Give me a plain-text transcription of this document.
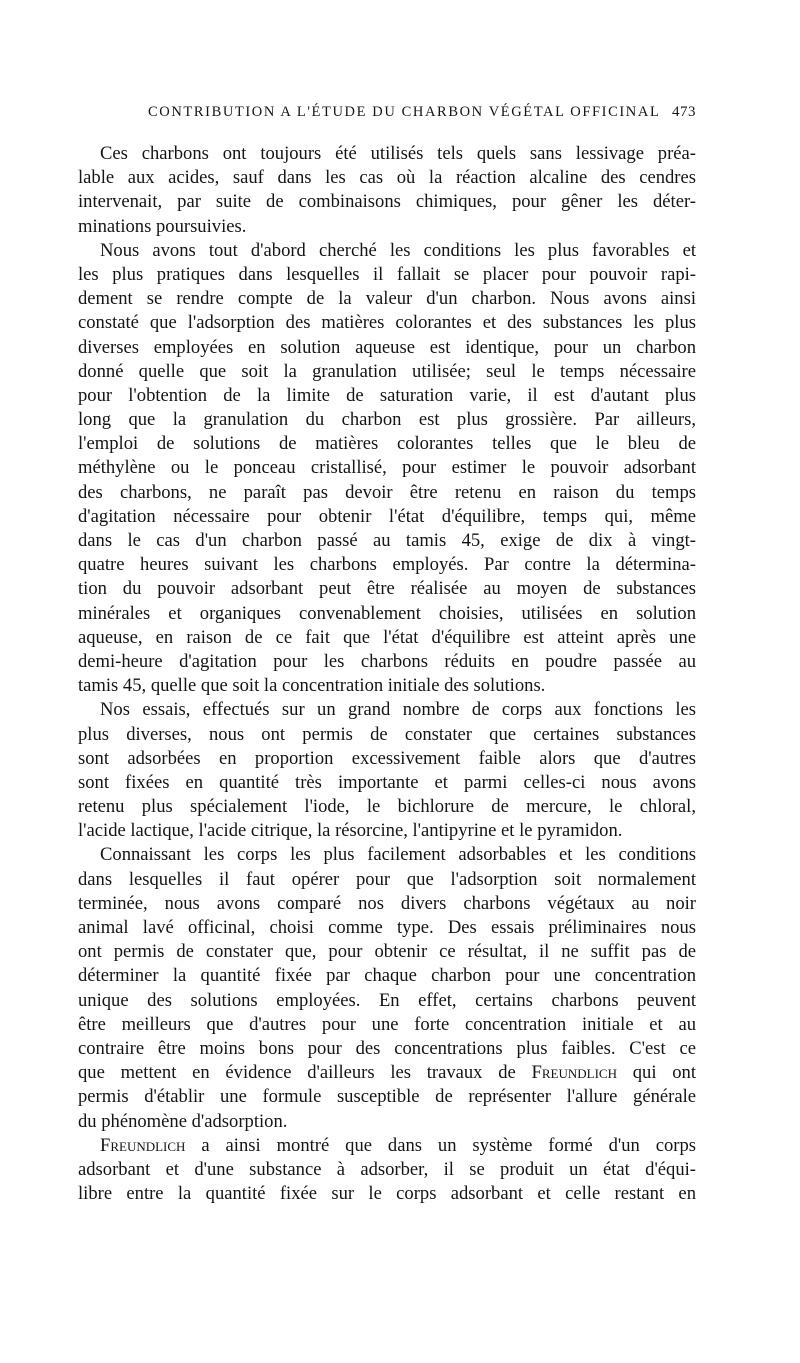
CONTRIBUTION A L'ÉTUDE DU CHARBON VÉGÉTAL OFFICINAL 473
Ces charbons ont toujours été utilisés tels quels sans lessivage préa-
lable aux acides, sauf dans les cas où la réaction alcaline des cendres
intervenait, par suite de combinaisons chimiques, pour gêner les déter-
minations poursuivies.
Nous avons tout d'abord cherché les conditions les plus favorables et
les plus pratiques dans lesquelles il fallait se placer pour pouvoir rapi-
dement se rendre compte de la valeur d'un charbon. Nous avons ainsi
constaté que l'adsorption des matières colorantes et des substances les plus
diverses employées en solution aqueuse est identique, pour un charbon
donné quelle que soit la granulation utilisée; seul le temps nécessaire
pour l'obtention de la limite de saturation varie, il est d'autant plus
long que la granulation du charbon est plus grossière. Par ailleurs,
l'emploi de solutions de matières colorantes telles que le bleu de
méthylène ou le ponceau cristallisé, pour estimer le pouvoir adsorbant
des charbons, ne paraît pas devoir être retenu en raison du temps
d'agitation nécessaire pour obtenir l'état d'équilibre, temps qui, même
dans le cas d'un charbon passé au tamis 45, exige de dix à vingt-
quatre heures suivant les charbons employés. Par contre la détermina-
tion du pouvoir adsorbant peut être réalisée au moyen de substances
minérales et organiques convenablement choisies, utilisées en solution
aqueuse, en raison de ce fait que l'état d'équilibre est atteint après une
demi-heure d'agitation pour les charbons réduits en poudre passée au
tamis 45, quelle que soit la concentration initiale des solutions.
Nos essais, effectués sur un grand nombre de corps aux fonctions les
plus diverses, nous ont permis de constater que certaines substances
sont adsorbées en proportion excessivement faible alors que d'autres
sont fixées en quantité très importante et parmi celles-ci nous avons
retenu plus spécialement l'iode, le bichlorure de mercure, le chloral,
l'acide lactique, l'acide citrique, la résorcine, l'antipyrine et le pyramidon.
Connaissant les corps les plus facilement adsorbables et les conditions
dans lesquelles il faut opérer pour que l'adsorption soit normalement
terminée, nous avons comparé nos divers charbons végétaux au noir
animal lavé officinal, choisi comme type. Des essais préliminaires nous
ont permis de constater que, pour obtenir ce résultat, il ne suffit pas de
déterminer la quantité fixée par chaque charbon pour une concentration
unique des solutions employées. En effet, certains charbons peuvent
être meilleurs que d'autres pour une forte concentration initiale et au
contraire être moins bons pour des concentrations plus faibles. C'est ce
que mettent en évidence d'ailleurs les travaux de Freundlich qui ont
permis d'établir une formule susceptible de représenter l'allure générale
du phénomène d'adsorption.
Freundlich a ainsi montré que dans un système formé d'un corps
adsorbant et d'une substance à adsorber, il se produit un état d'équi-
libre entre la quantité fixée sur le corps adsorbant et celle restant en
